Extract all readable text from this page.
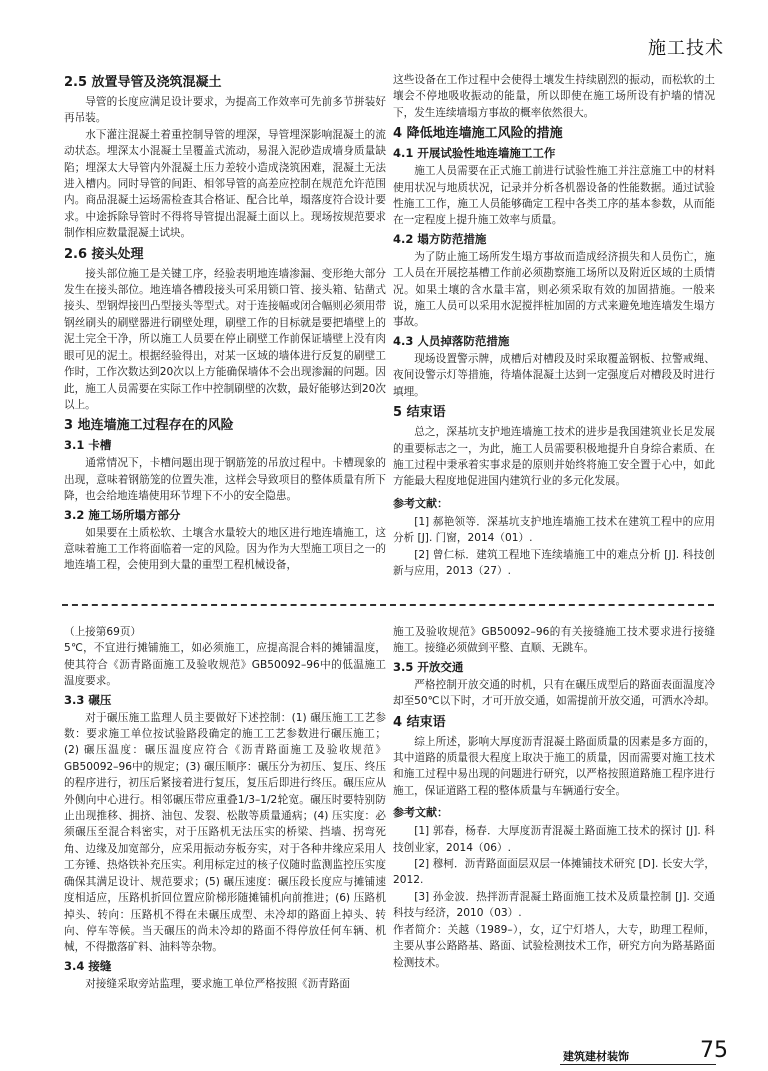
施工技术
2.5 放置导管及浇筑混凝土

导管的长度应满足设计要求，为提高工作效率可先前多节拼装好再吊装。

水下灌注混凝土着重控制导管的埋深，导管埋深影响混凝土的流动状态。埋深太小混凝土呈覆盖式流动，易混入泥砂造成墙身质量缺陷；埋深太大导管内外混凝土压力差较小造成浇筑困难，混凝土无法进入槽内。同时导管的间距、相邻导管的高差应控制在规范允许范围内。商品混凝土运场需检查其合格证、配合比单，塌落度符合设计要求。中途拆除导管时不得将导管提出混凝土面以上。现场按规范要求制作相应数量混凝土试块。

2.6 接头处理

接头部位施工是关键工序，经验表明地连墙渗漏、变形绝大部分发生在接头部位。地连墙各槽段接头可采用锁口管、接头箱、钻凿式接头、型钢焊接凹凸型接头等型式。对于连接幅或闭合幅则必须用带钢丝刷头的刷壁器进行刷壁处理，刷壁工作的目标就是要把墙壁上的泥土完全干净，所以施工人员要在停止刷壁工作前保证墙壁上没有肉眼可见的泥土。根据经验得出，对某一区域的墙体进行反复的刷壁工作时，工作次数达到20次以上方能确保墙体不会出现渗漏的问题。因此，施工人员需要在实际工作中控制刷壁的次数，最好能够达到20次以上。

3 地连墙施工过程存在的风险
3.1 卡槽

通常情况下，卡槽问题出现于钢筋笼的吊放过程中。卡槽现象的出现，意味着钢筋笼的位置失准，这样会导致项目的整体质量有所下降，也会给地连墙使用环节埋下不小的安全隐患。

3.2 施工场所塌方部分

如果要在土质松软、土壤含水量较大的地区进行地连墙施工，这意味着施工工作将面临着一定的风险。因为作为大型施工项目之一的地连墙工程，会使用到大量的重型工程机械设备，

这些设备在工作过程中会使得土壤发生持续剧烈的振动，而松软的土壤会不停地吸收振动的能量，所以即使在施工场所设有护墙的情况下，发生连续墙塌方事故的概率依然很大。

4 降低地连墙施工风险的措施
4.1 开展试验性地连墙施工工作

施工人员需要在正式施工前进行试验性施工并注意施工中的材料使用状况与地质状况，记录并分析各机器设备的性能数据。通过试验性施工工作，施工人员能够确定工程中各类工序的基本参数，从而能在一定程度上提升施工效率与质量。

4.2 塌方防范措施

为了防止施工场所发生塌方事故而造成经济损失和人员伤亡，施工人员在开展挖基槽工作前必须勘察施工场所以及附近区域的土质情况。如果土壤的含水量丰富，则必须采取有效的加固措施。一般来说，施工人员可以采用水泥搅拌桩加固的方式来避免地连墙发生塌方事故。

4.3 人员掉落防范措施

现场设置警示牌，成槽后对槽段及时采取覆盖钢板、拉警戒绳、夜间设警示灯等措施，待墙体混凝土达到一定强度后对槽段及时进行填埋。

5 结束语

总之，深基坑支护地连墙施工技术的进步是我国建筑业长足发展的重要标志之一，为此，施工人员需要积极地提升自身综合素质、在施工过程中秉承着实事求是的原则并始终将施工安全置于心中，如此方能最大程度地促进国内建筑行业的多元化发展。

参考文献：

[1] 郝艳领等．深基坑支护地连墙施工技术在建筑工程中的应用分析 [J]. 门窗，2014（01）.

[2] 曾仁标．建筑工程地下连续墙施工中的难点分析 [J]. 科技创新与应用，2013（27）.

（上接第69页）

5℃，不宜进行摊铺施工，如必须施工，应提高混合料的摊铺温度，使其符合《沥青路面施工及验收规范》GB50092–96中的低温施工温度要求。

3.3 碾压

对于碾压施工监理人员主要做好下述控制：(1) 碾压施工工艺参数：要求施工单位按试验路段确定的施工工艺参数进行碾压施工；(2) 碾压温度：碾压温度应符合《沥青路面施工及验收规范》GB50092–96中的规定；(3) 碾压顺序：碾压分为初压、复压、终压的程序进行，初压后紧接着进行复压，复压后即进行终压。碾压应从外侧向中心进行。相邻碾压带应重叠1/3–1/2轮宽。碾压时要特别防止出现推移、拥挤、油包、发裂、松散等质量通病；(4) 压实度：必须碾压至混合料密实，对于压路机无法压实的桥梁、挡墙、拐弯死角、边缘及加宽部分，应采用振动夯板夯实，对于各种井缘应采用人工夯锤、热烙铁补充压实。利用标定过的核子仪随时监测监控压实度确保其满足设计、规范要求；(5) 碾压速度：碾压段长度应与摊铺速度相适应，压路机折回位置应阶梯形随摊铺机向前推进；(6) 压路机掉头、转向：压路机不得在未碾压成型、未冷却的路面上掉头、转向、停车等候。当天碾压的尚未冷却的路面不得停放任何车辆、机械，不得撒落矿料、油料等杂物。

3.4 接缝

对接缝采取旁站监理，要求施工单位严格按照《沥青路面

施工及验收规范》GB50092–96的有关接缝施工技术要求进行接缝施工。接缝必须做到平整、直顺、无跳车。

3.5 开放交通

严格控制开放交通的时机，只有在碾压成型后的路面表面温度冷却至50℃以下时，才可开放交通，如需提前开放交通，可洒水冷却。

4 结束语

综上所述，影响大厚度沥青混凝土路面质量的因素是多方面的，其中道路的质量很大程度上取决于施工的质量，因而需要对施工技术和施工过程中易出现的问题进行研究，以严格按照道路施工程序进行施工，保证道路工程的整体质量与车辆通行安全。

参考文献：

[1] 郭春，杨春．大厚度沥青混凝土路面施工技术的探讨 [J]. 科技创业家，2014（06）.

[2] 穆柯．沥青路面面层双层一体摊铺技术研究 [D]. 长安大学，2012.

[3] 孙金波．热拌沥青混凝土路面施工技术及质量控制 [J]. 交通科技与经济，2010（03）.

作者简介：关越（1989–），女，辽宁灯塔人，大专，助理工程师，主要从事公路路基、路面、试验检测技术工作，研究方向为路基路面检测技术。

建筑建材装饰	75
